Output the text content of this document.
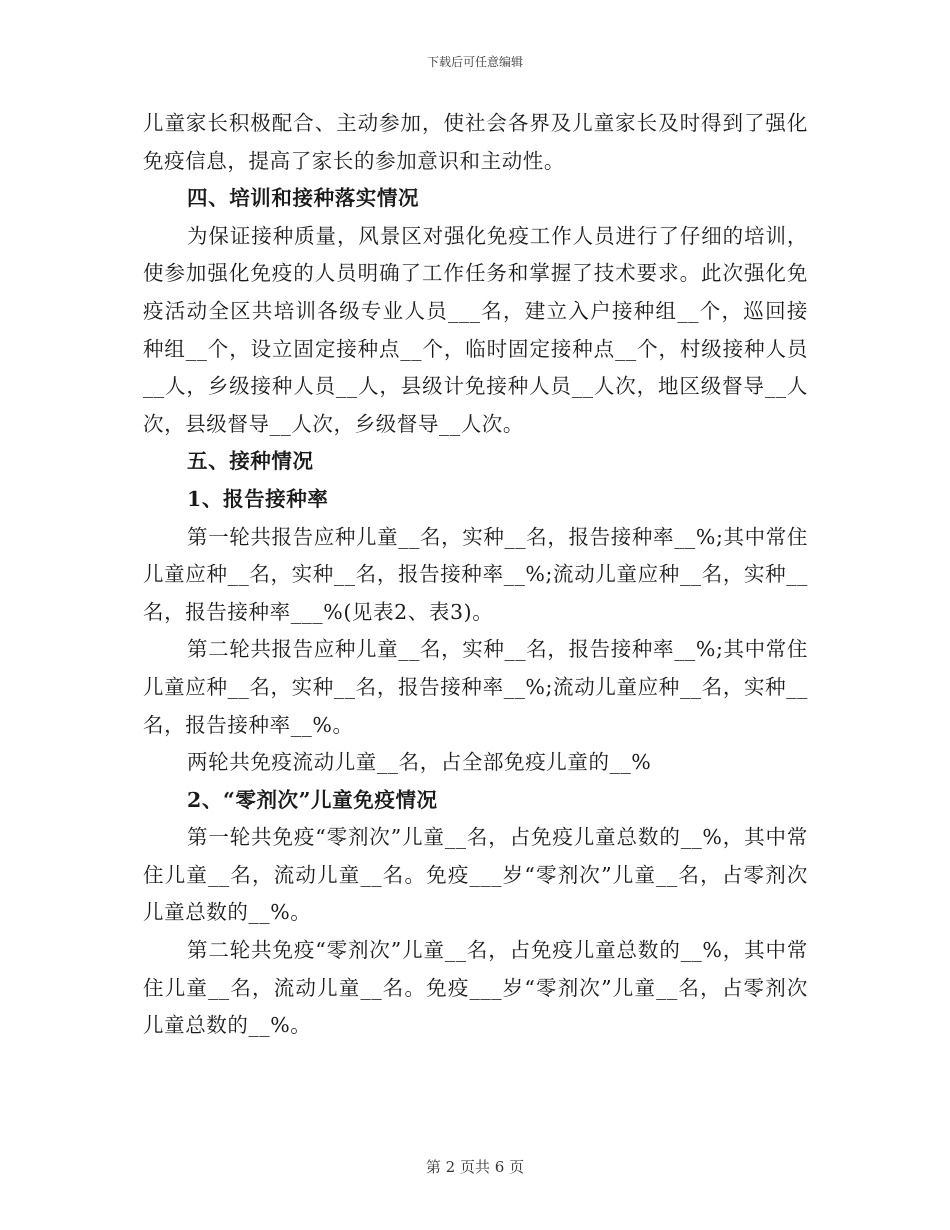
下载后可任意编辑

儿童家长积极配合、主动参加，使社会各界及儿童家长及时得到了强化免疫信息，提高了家长的参加意识和主动性。

四、培训和接种落实情况

为保证接种质量，风景区对强化免疫工作人员进行了仔细的培训，使参加强化免疫的人员明确了工作任务和掌握了技术要求。此次强化免疫活动全区共培训各级专业人员___名，建立入户接种组__个，巡回接种组__个，设立固定接种点__个，临时固定接种点__个，村级接种人员__人，乡级接种人员__人，县级计免接种人员__人次，地区级督导__人次，县级督导__人次，乡级督导__人次。

五、接种情况

1、报告接种率

第一轮共报告应种儿童__名，实种__名，报告接种率__%;其中常住儿童应种__名，实种__名，报告接种率__%;流动儿童应种__名，实种__名，报告接种率___%(见表2、表3)。

第二轮共报告应种儿童__名，实种__名，报告接种率__%;其中常住儿童应种__名，实种__名，报告接种率__%;流动儿童应种__名，实种__名，报告接种率__%。

两轮共免疫流动儿童__名，占全部免疫儿童的__%

2、“零剂次”儿童免疫情况

第一轮共免疫“零剂次”儿童__名，占免疫儿童总数的__%，其中常住儿童__名，流动儿童__名。免疫___岁“零剂次”儿童__名，占零剂次儿童总数的__%。

第二轮共免疫“零剂次”儿童__名，占免疫儿童总数的__%，其中常住儿童__名，流动儿童__名。免疫___岁“零剂次”儿童__名，占零剂次儿童总数的__%。

第 2 页共 6 页
